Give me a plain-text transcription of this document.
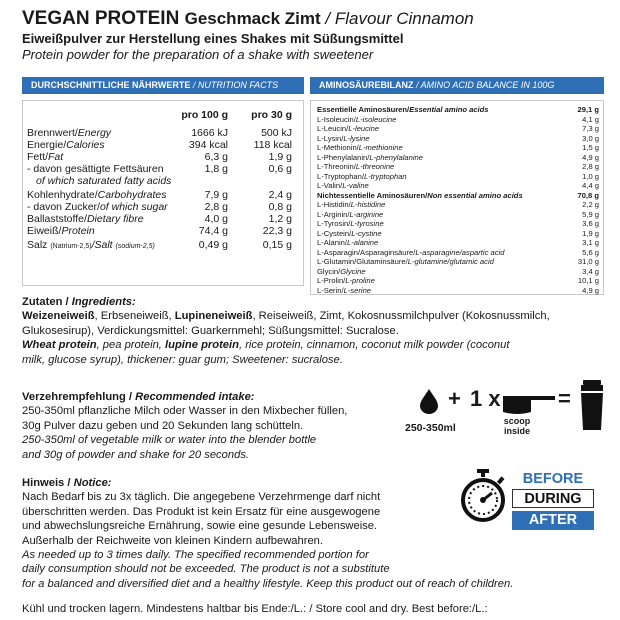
VEGAN PROTEIN Geschmack Zimt / Flavour Cinnamon
Eiweißpulver zur Herstellung eines Shakes mit Süßungsmittel
Protein powder for the preparation of a shake with sweetener
DURCHSCHNITTLICHE NÄHRWERTE / NUTRITION FACTS	AMINOSÄUREBILANZ / AMINO ACID BALANCE IN 100G
pro 100 g	pro 30 g
Brennwert/Energy	1666 kJ	500 kJ
Energie/Calories	394 kcal	118 kcal
Fett/Fat	6,3 g	1,9 g
- davon gesättigte Fettsäuren	1,8 g	0,6 g
of which saturated fatty acids
Kohlenhydrate/Carbohydrates	7,9 g	2,4 g
- davon Zucker/of which sugar	2,8 g	0,8 g
Ballaststoffe/Dietary fibre	4,0 g	1,2 g
Eiweiß/Protein	74,4 g	22,3 g
Salz (Natrium-2,5)/Salt (sodium-2,5)	0,49 g	0,15 g
Essentielle Aminosäuren/Essential amino acids	29,1 g
L-Isoleucin/L-isoleucine	4,1 g
L-Leucin/L-leucine	7,3 g
L-Lysin/L-lysine	3,0 g
L-Methionin/L-methionine	1,5 g
L-Phenylalanin/L-phenylalanine	4,9 g
L-Threonin/L-threonine	2,8 g
L-Tryptophan/L-tryptophan	1,0 g
L-Valin/L-valine	4,4 g
Nichtessentielle Aminosäuren/Non essential amino acids	70,8 g
L-Histidin/L-histidine	2,2 g
L-Arginin/L-arginine	5,9 g
L-Tyrosin/L-tyrosine	3,6 g
L-Cystein/L-cystine	1,9 g
L-Alanin/L-alanine	3,1 g
L-Asparagin/Asparaginsäure/L-asparagine/aspartic acid	5,6 g
L-Glutamin/Glutaminsäure/L-glutamine/glutamic acid	31,0 g
Glycin/Glycine	3,4 g
L-Prolin/L-proline	10,1 g
L-Serin/L-serine	4,9 g
Zutaten / Ingredients:
Weizeneiweiß, Erbseneiweiß, Lupineneiweiß, Reiseiweiß, Zimt, Kokosnussmilchpulver (Kokosnussmilch,
Glukosesirup), Verdickungsmittel: Guarkernmehl; Süßungsmittel: Sucralose.
Wheat protein, pea protein, lupine protein, rice protein, cinnamon, coconut milk powder (coconut
milk, glucose syrup), thickener: guar gum; Sweetener: sucralose.
Verzehrempfehlung / Recommended intake:
250-350ml pflanzliche Milch oder Wasser in den Mixbecher füllen,
30g Pulver dazu geben und 20 Sekunden lang schütteln.
250-350ml of vegetable milk or water into the blender bottle
and 30g of powder and shake for 20 seconds.
+ 1 x	=
250-350ml
scoop
inside
Hinweis / Notice:
Nach Bedarf bis zu 3x täglich. Die angegebene Verzehrmenge darf nicht
überschritten werden. Das Produkt ist kein Ersatz für eine ausgewogene
und abwechslungsreiche Ernährung, sowie eine gesunde Lebensweise.
Außerhalb der Reichweite von kleinen Kindern aufbewahren.
As needed up to 3 times daily. The specified recommended portion for
daily consumption should not be exceeded. The product is not a substitute
for a balanced and diversified diet and a healthy lifestyle. Keep this product out of reach of children.
BEFORE
DURING
AFTER
Kühl und trocken lagern. Mindestens haltbar bis Ende:/L.: / Store cool and dry. Best before:/L.:
